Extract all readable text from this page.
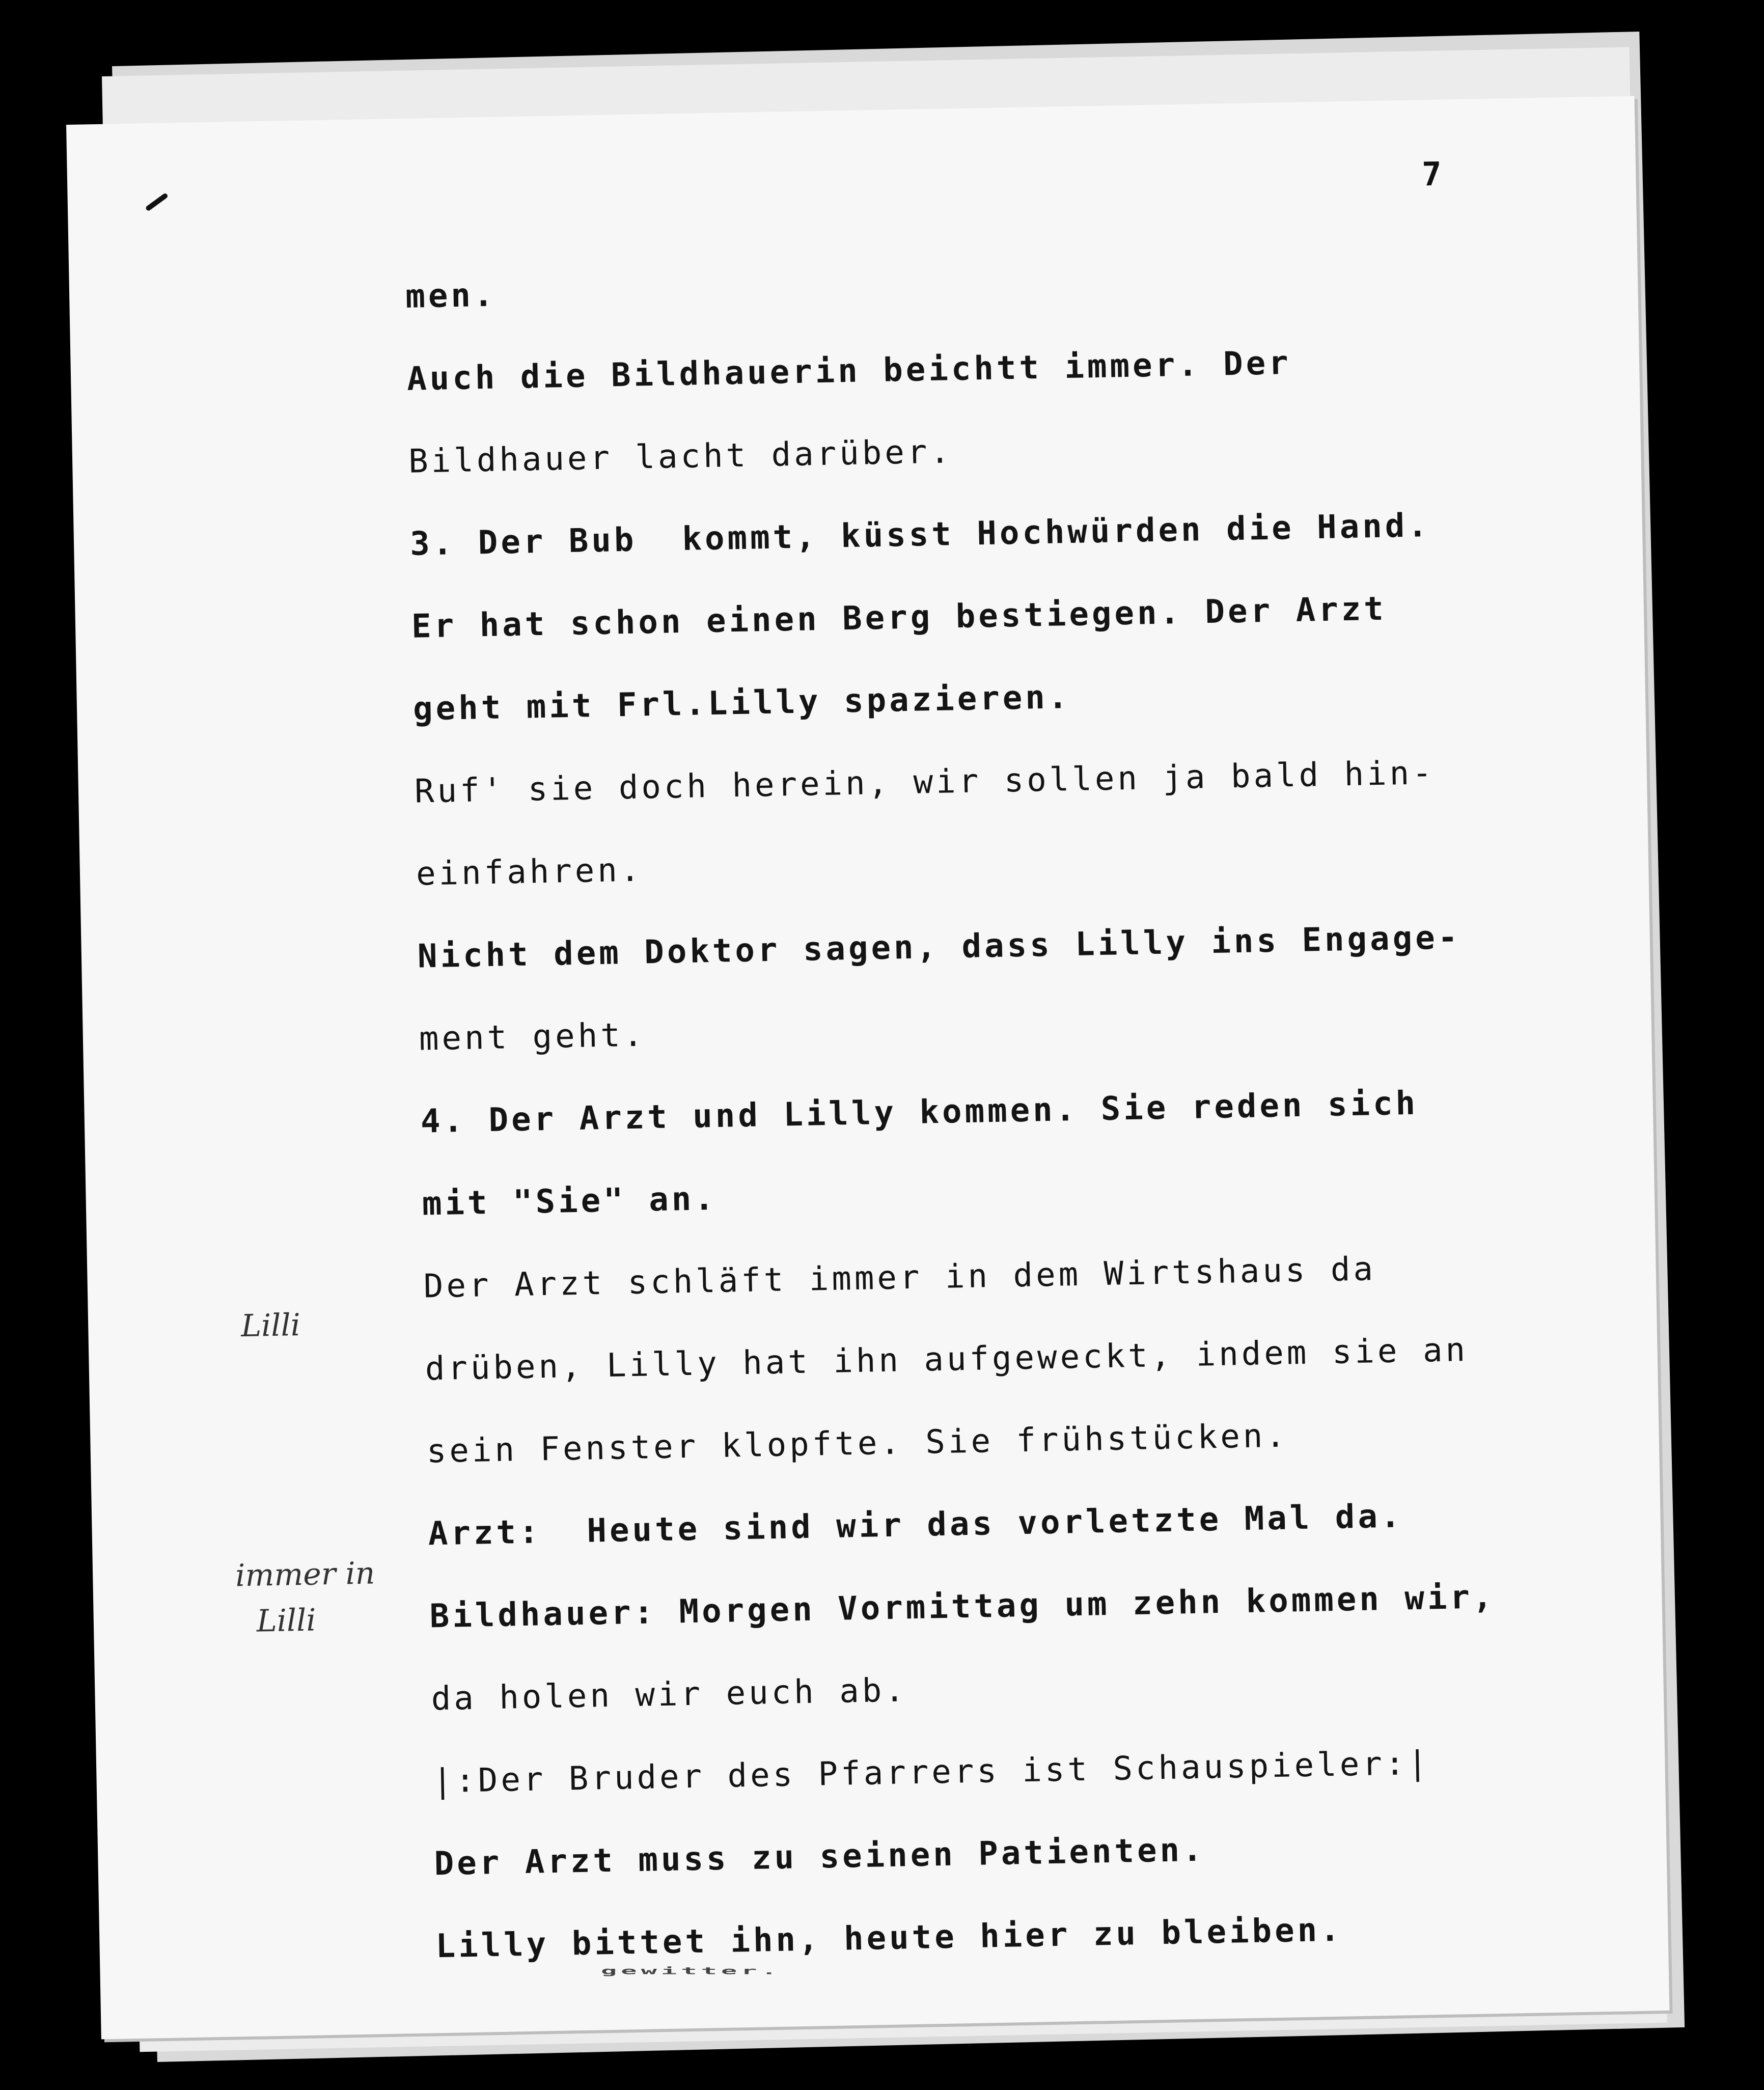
7
men.
Auch die Bildhauerin beicht​t immer. Der
Bildhauer lacht darüber.
3. Der Bub  kommt, küsst Hochwürden die Hand.
Er hat schon einen Berg bestiegen. Der Arzt
geht mit Frl.Lilly spazieren.
Ruf' sie doch herein, wir sollen ja bald hin-
einfahren.
Nicht dem Doktor sagen, dass Lilly ins Engage-
ment geht.
4. Der Arzt und Lilly kommen. Sie reden sich
mit "Sie" an.
Der Arzt schläft immer in dem Wirtshaus da
drüben, Lilly hat ihn aufgeweckt, indem sie an
sein Fenster klopfte. Sie frühstücken.
Arzt:  Heute sind wir das vorletzte Mal da.
Bildhauer: Morgen Vormittag um zehn kommen wir,
da holen wir euch ab.
|:Der Bruder des Pfarrers ist Schauspieler:|
Der Arzt muss zu seinen Patienten.
Lilly bittet ihn, heute hier zu bleiben.
Lilli
immer in
Lilli
gewitter.
